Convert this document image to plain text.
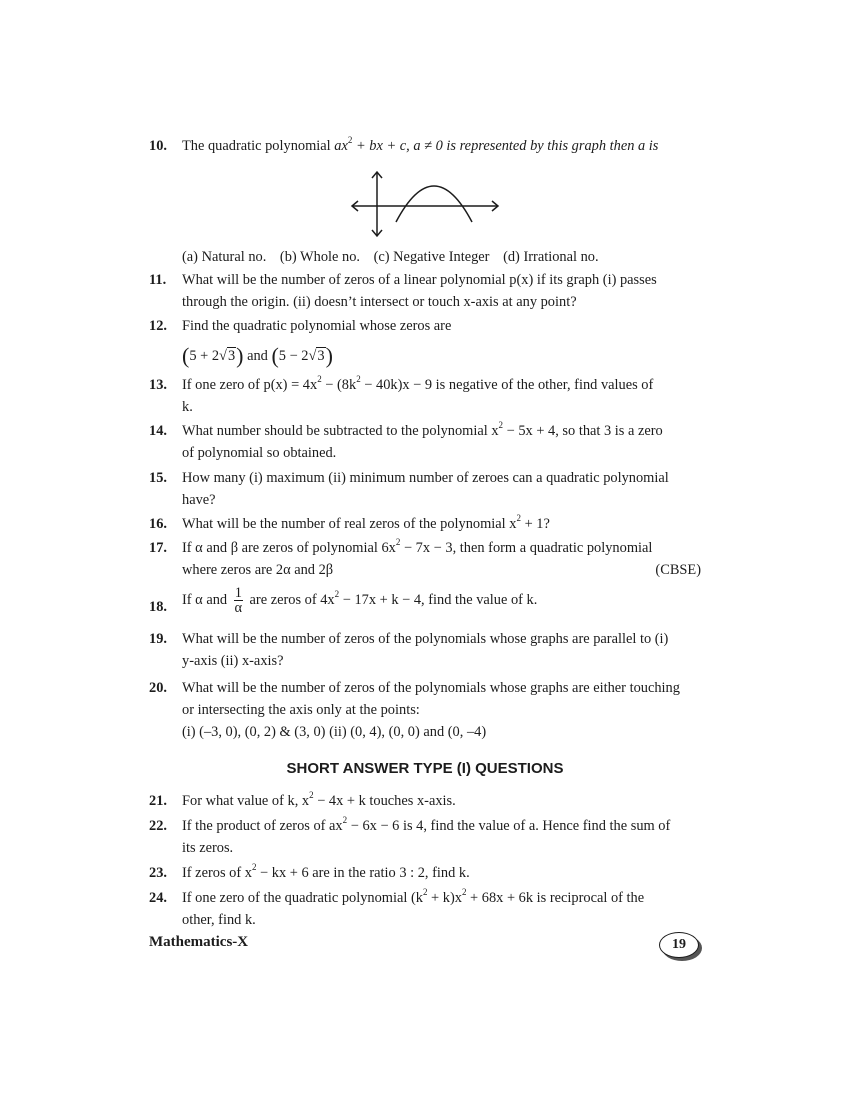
10.	The quadratic polynomial $ax^2$ + bx + c, a ≠ 0 is represented by this graph then a is
(a) Natural no. (b) Whole no. (c) Negative Integer (d) Irrational no.
11.	What will be the number of zeros of a linear polynomial p(x) if its graph (i) passes
through the origin. (ii) doesn’t intersect or touch x-axis at any point?
12.	Find the quadratic polynomial whose zeros are
(5 + 2√3) and (5 − 2√3)
13.	If one zero of $p(x) = 4x^2 - (8k^2 - 40k)x - 9$ is negative of the other, find values of
k.
14.	What number should be subtracted to the polynomial $x^2 - 5x + 4$, so that 3 is a zero
of polynomial so obtained.
15.	How many (i) maximum (ii) minimum number of zeroes can a quadratic polynomial
have?
16.	What will be the number of real zeros of the polynomial $x^2 + 1$?
17.	If α and β are zeros of polynomial $6x^2 - 7x - 3$, then form a quadratic polynomial
where zeros are 2α and 2β	(CBSE)
18.	If α and $\frac{1}{\alpha}$ are zeros of $4x^2 - 17x + k - 4$, find the value of k.
19.	What will be the number of zeros of the polynomials whose graphs are parallel to (i)
y-axis (ii) x-axis?
20.	What will be the number of zeros of the polynomials whose graphs are either touching
or intersecting the axis only at the points:
(i) (–3, 0), (0, 2) & (3, 0) (ii) (0, 4), (0, 0) and (0, –4)
SHORT ANSWER TYPE (I) QUESTIONS
21.	For what value of k, $x^2 - 4x + k$ touches x-axis.
22.	If the product of zeros of $ax^2 - 6x - 6$ is 4, find the value of a. Hence find the sum of
its zeros.
23.	If zeros of $x^2$ − kx + 6 are in the ratio 3 : 2, find k.
24.	If one zero of the quadratic polynomial $(k^2 + k)x^2 + 68x + 6k$ is reciprocal of the
other, find k.
Mathematics-X	19
